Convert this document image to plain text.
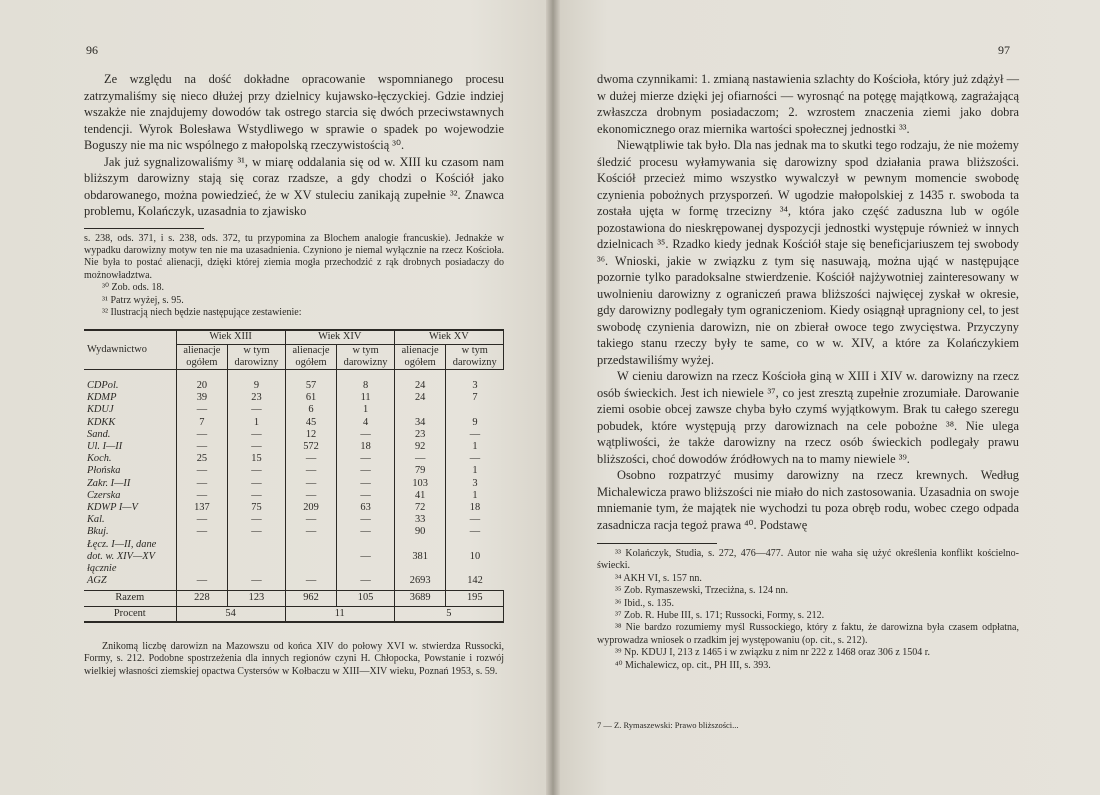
96

Ze względu na dość dokładne opracowanie wspomnianego procesu zatrzymaliśmy się nieco dłużej przy dzielnicy kujawsko-łęczyckiej. Gdzie indziej wszakże nie znajdujemy dowodów tak ostrego starcia się dwóch przeciwstawnych tendencji. Wyrok Bolesława Wstydliwego w sprawie o spadek po wojewodzie Boguszy nie ma nic wspólnego z małopolską rzeczywistością ³⁰.

Jak już sygnalizowaliśmy ³¹, w miarę oddalania się od w. XIII ku czasom nam bliższym darowizny stają się coraz rzadsze, a gdy chodzi o Kościół jako obdarowanego, można powiedzieć, że w XV stuleciu zanikają zupełnie ³². Znawca problemu, Kolańczyk, uzasadnia to zjawisko

s. 238, ods. 371, i s. 238, ods. 372, tu przypomina za Blochem analogie francuskie). Jednakże w wypadku darowizny motyw ten nie ma uzasadnienia. Czyniono je niemal wyłącznie na rzecz Kościoła. Nie była to postać alienacji, dzięki której ziemia mogła przechodzić z rąk drobnych posiadaczy do możnowładztwa.

³⁰ Zob. ods. 18.

³¹ Patrz wyżej, s. 95.

³² Ilustracją niech będzie następujące zestawienie:

Wydawnictwo	Wiek XIII		Wiek XIV		Wiek XV	
	alienacje ogółem	w tym darowizny	alienacje ogółem	w tym darowizny	alienacje ogółem	w tym darowizny
CDPol.	20	9	57	8	24	3
KDMP	39	23	61	11	24	7
KDUJ	—	—	6	1		
KDKK	7	1	45	4	34	9
Sand.	—	—	12	—	23	—
Ul. I—II	—	—	572	18	92	1
Koch.	25	15	—	—	—	—
Płońska	—	—	—	—	79	1
Zakr. I—II	—	—	—	—	103	3
Czerska	—	—	—	—	41	1
KDWP I—V	137	75	209	63	72	18
Kal.	—	—	—	—	33	—
Bkuj.	—	—	—	—	90	—
Łęcz. I—II, dane dot. w. XIV—XV łącznie				—	381	10
AGZ	—	—	—	—	2693	142
Razem	228	123	962	105	3689	195
Procent	54		11		5	

Znikomą liczbę darowizn na Mazowszu od końca XIV do połowy XVI w. stwierdza Russocki, Formy, s. 212. Podobne spostrzeżenia dla innych regionów czyni H. Chłopocka, Powstanie i rozwój wielkiej własności ziemskiej opactwa Cystersów w Kołbaczu w XIII—XIV wieku, Poznań 1953, s. 59.

97

dwoma czynnikami: 1. zmianą nastawienia szlachty do Kościoła, który już zdążył — w dużej mierze dzięki jej ofiarności — wyrosnąć na potęgę majątkową, zagrażającą zwłaszcza drobnym posiadaczom; 2. wzrostem znaczenia ziemi jako dobra ekonomicznego oraz miernika wartości społecznej jednostki ³³.

Niewątpliwie tak było. Dla nas jednak ma to skutki tego rodzaju, że nie możemy śledzić procesu wyłamywania się darowizny spod działania prawa bliższości. Kościół przecież mimo wszystko wywalczył w pewnym momencie swobodę czynienia pobożnych przysporzeń. W ugodzie małopolskiej z 1435 r. swoboda ta została ujęta w formę trzecizny ³⁴, która jako część zaduszna lub w ogóle pozostawiona do nieskrępowanej dyspozycji jednostki występuje również w innych dzielnicach ³⁵. Rzadko kiedy jednak Kościół staje się beneficjariuszem tej swobody ³⁶. Wnioski, jakie w związku z tym się nasuwają, można ująć w następujące pozornie tylko paradoksalne stwierdzenie. Kościół najżywotniej zainteresowany w uwolnieniu darowizny z ograniczeń prawa bliższości najwięcej zyskał w okresie, gdy darowizny podlegały tym ograniczeniom. Kiedy osiągnął upragniony cel, to jest swobodę czynienia darowizn, nie on zbierał owoce tego zwycięstwa. Przyczyny takiego stanu rzeczy były te same, co w w. XIV, a które za Kolańczykiem przedstawiliśmy wyżej.

W cieniu darowizn na rzecz Kościoła giną w XIII i XIV w. darowizny na rzecz osób świeckich. Jest ich niewiele ³⁷, co jest zresztą zupełnie zrozumiałe. Darowanie ziemi osobie obcej zawsze chyba było czymś wyjątkowym. Brak tu całego szeregu pobudek, które występują przy darowiznach na cele pobożne ³⁸. Nie ulega wątpliwości, że także darowizny na rzecz osób świeckich podlegały prawu bliższości, choć dowodów źródłowych na to mamy niewiele ³⁹.

Osobno rozpatrzyć musimy darowizny na rzecz krewnych. Według Michalewicza prawo bliższości nie miało do nich zastosowania. Uzasadnia on swoje mniemanie tym, że majątek nie wychodzi tu poza obręb rodu, wobec czego odpada zasadnicza racja tegoż prawa ⁴⁰. Podstawę

³³ Kolańczyk, Studia, s. 272, 476—477. Autor nie waha się użyć określenia konflikt kościelno-świecki.

³⁴ AKH VI, s. 157 nn.

³⁵ Zob. Rymaszewski, Trzeciżna, s. 124 nn.

³⁶ Ibid., s. 135.

³⁷ Zob. R. Hube III, s. 171; Russocki, Formy, s. 212.

³⁸ Nie bardzo rozumiemy myśl Russockiego, który z faktu, że darowizna była czasem odpłatna, wyprowadza wniosek o rzadkim jej występowaniu (op. cit., s. 212).

³⁹ Np. KDUJ I, 213 z 1465 i w związku z nim nr 222 z 1468 oraz 306 z 1504 r.

⁴⁰ Michalewicz, op. cit., PH III, s. 393.

7 — Z. Rymaszewski: Prawo bliższości...
